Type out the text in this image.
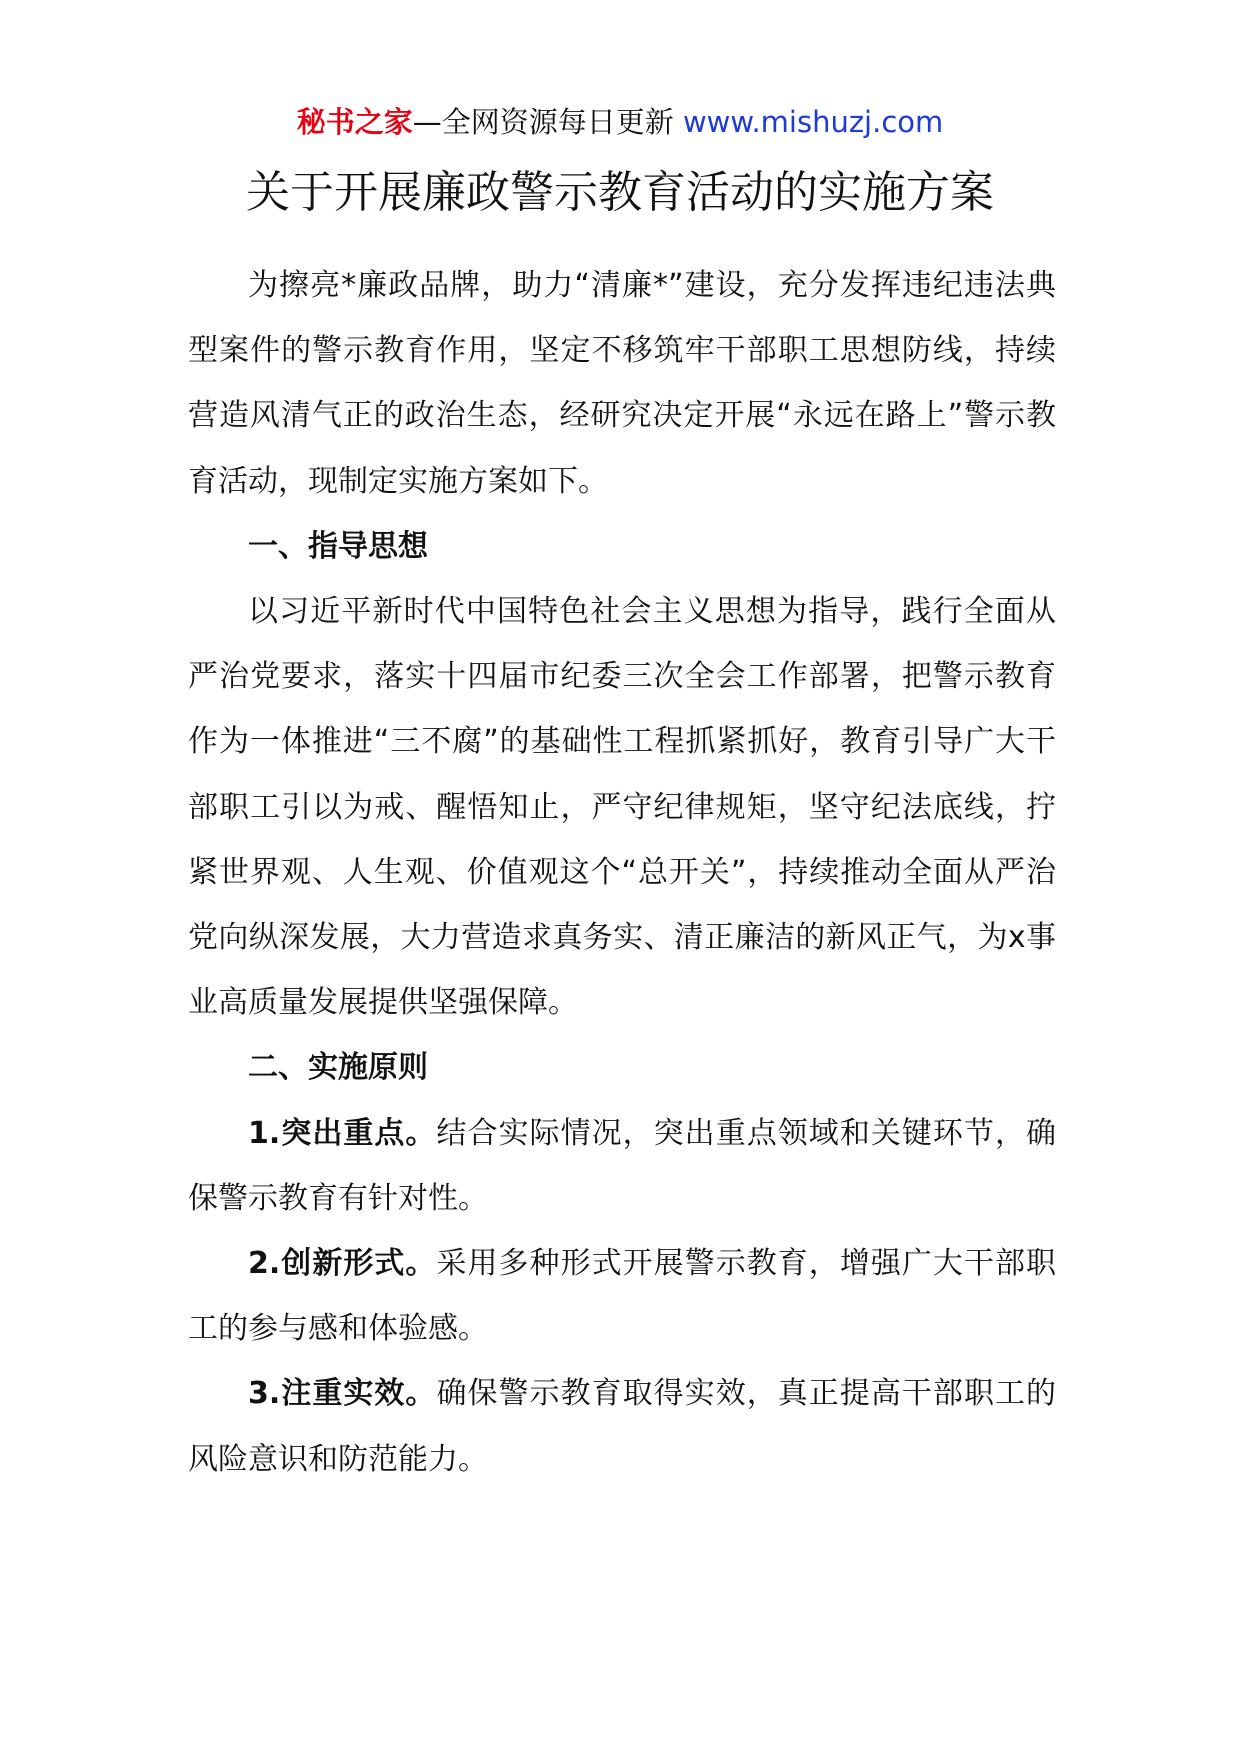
秘书之家—全网资源每日更新 www.mishuzj.com
关于开展廉政警示教育活动的实施方案

为擦亮*廉政品牌，助力“清廉*”建设，充分发挥违纪违法典型案件的警示教育作用，坚定不移筑牢干部职工思想防线，持续营造风清气正的政治生态，经研究决定开展“永远在路上”警示教育活动，现制定实施方案如下。

一、指导思想

以习近平新时代中国特色社会主义思想为指导，践行全面从严治党要求，落实十四届市纪委三次全会工作部署，把警示教育作为一体推进“三不腐”的基础性工程抓紧抓好，教育引导广大干部职工引以为戒、醒悟知止，严守纪律规矩，坚守纪法底线，拧紧世界观、人生观、价值观这个“总开关”，持续推动全面从严治党向纵深发展，大力营造求真务实、清正廉洁的新风正气，为x事业高质量发展提供坚强保障。

二、实施原则

1.突出重点。结合实际情况，突出重点领域和关键环节，确保警示教育有针对性。

2.创新形式。采用多种形式开展警示教育，增强广大干部职工的参与感和体验感。

3.注重实效。确保警示教育取得实效，真正提高干部职工的风险意识和防范能力。
